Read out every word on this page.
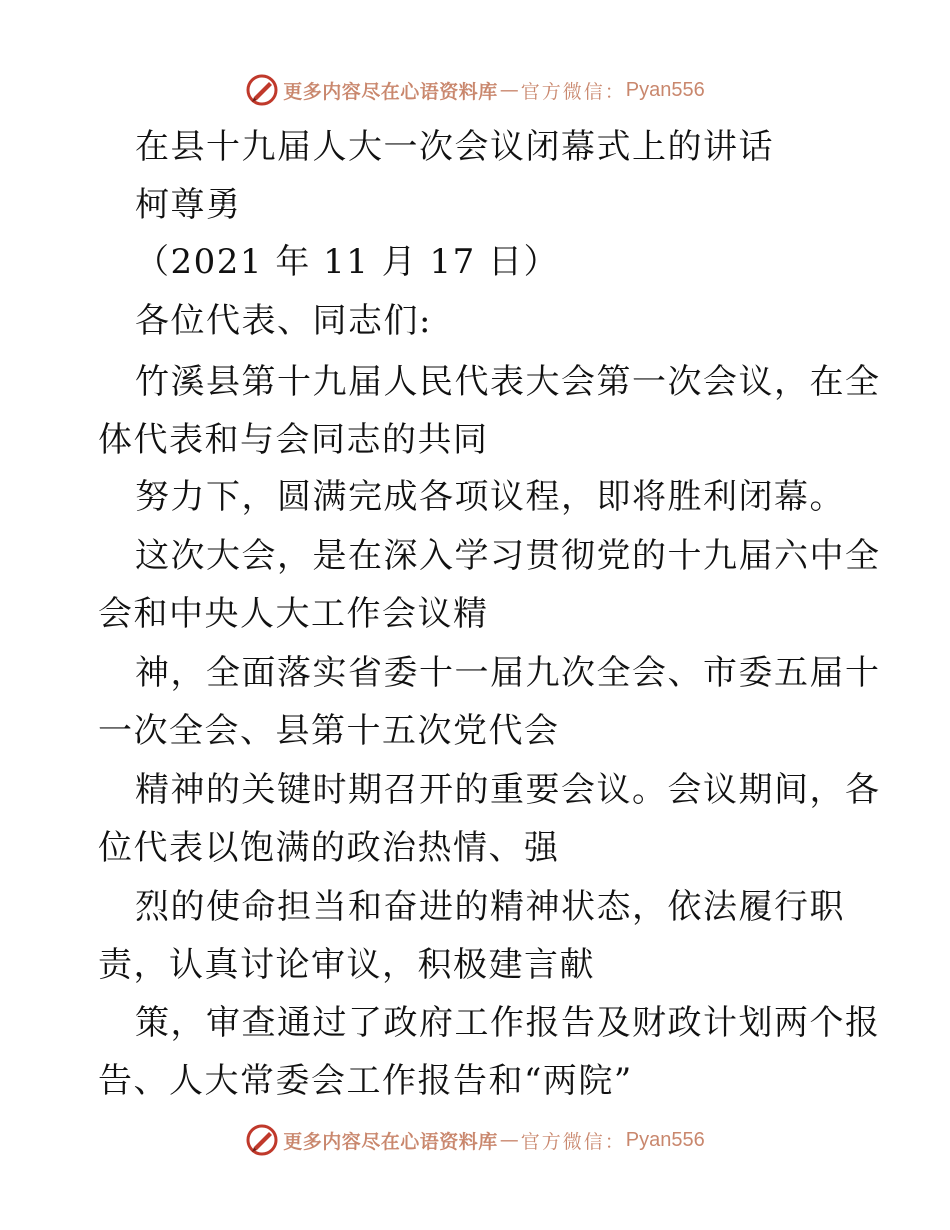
更多内容尽在心语资料库 — 官方微信： Pyan556
在县十九届人大一次会议闭幕式上的讲话
柯尊勇
（2021 年 11 月 17 日）
各位代表、同志们:
竹溪县第十九届人民代表大会第一次会议，在全
体代表和与会同志的共同
努力下，圆满完成各项议程，即将胜利闭幕。
这次大会，是在深入学习贯彻党的十九届六中全
会和中央人大工作会议精
神，全面落实省委十一届九次全会、市委五届十
一次全会、县第十五次党代会
精神的关键时期召开的重要会议。会议期间，各
位代表以饱满的政治热情、强
烈的使命担当和奋进的精神状态，依法履行职
责，认真讨论审议，积极建言献
策，审查通过了政府工作报告及财政计划两个报
告、人大常委会工作报告和“两院”
更多内容尽在心语资料库 — 官方微信： Pyan556
